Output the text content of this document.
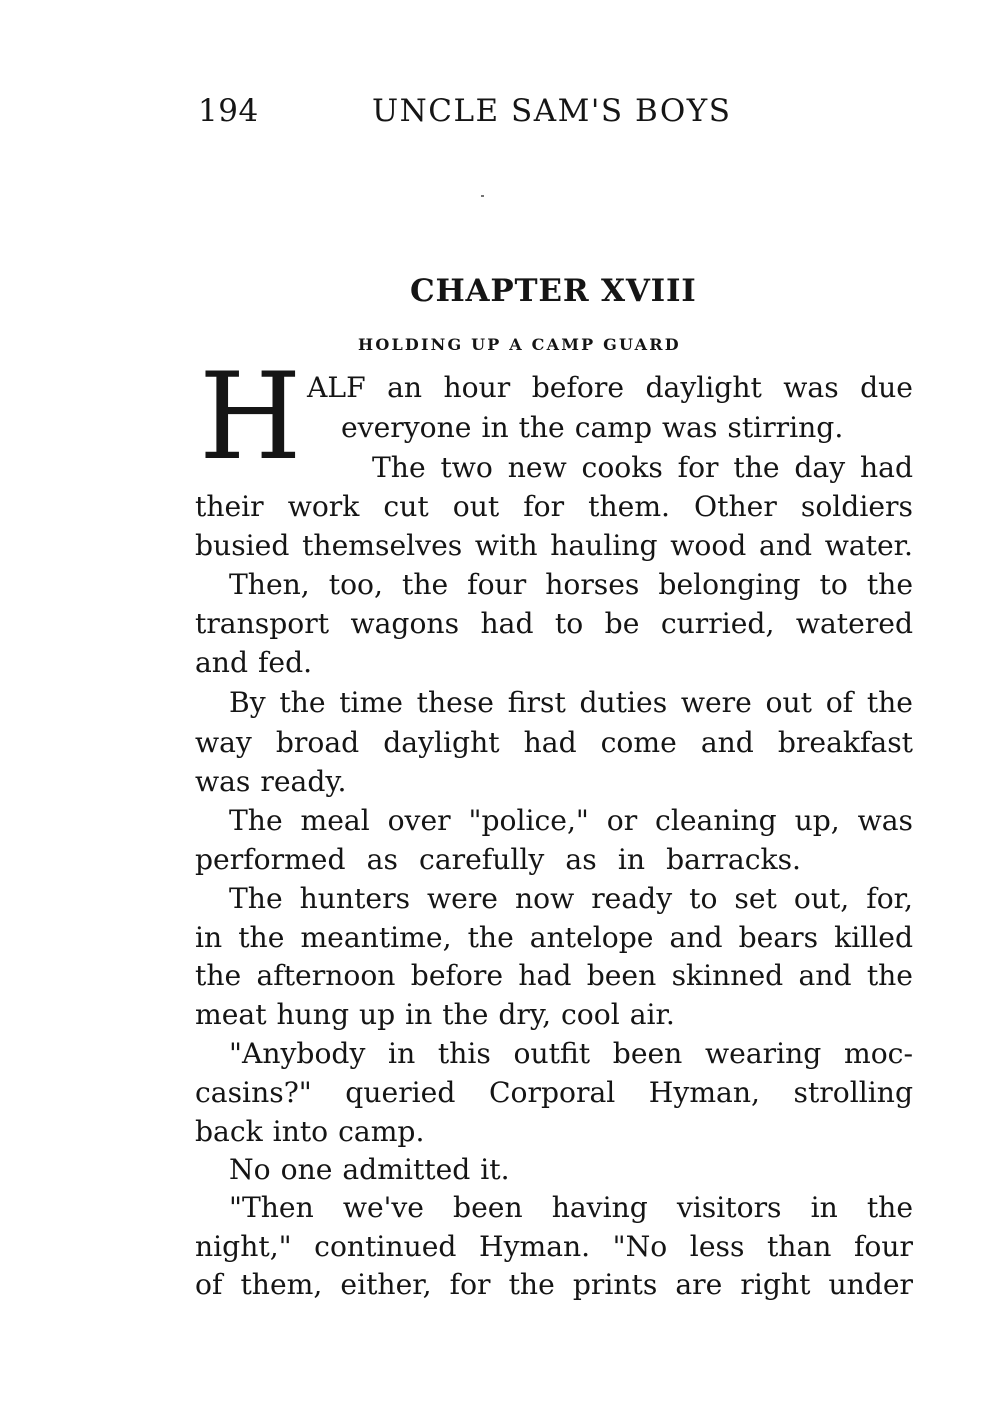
194	UNCLE SAM'S BOYS
CHAPTER XVIII
HOLDING UP A CAMP GUARD
H ALF an hour before daylight was due
everyone in the camp was stirring.
The two new cooks for the day had
their work cut out for them. Other soldiers
busied themselves with hauling wood and water.
Then, too, the four horses belonging to the
transport wagons had to be curried, watered
and fed.
By the time these first duties were out of the
way broad daylight had come and breakfast
was ready.
The meal over "police," or cleaning up, was
performed as carefully as in barracks.
The hunters were now ready to set out, for,
in the meantime, the antelope and bears killed
the afternoon before had been skinned and the
meat hung up in the dry, cool air.
"Anybody in this outfit been wearing moc-
casins?" queried Corporal Hyman, strolling
back into camp.
No one admitted it.
"Then we've been having visitors in the
night," continued Hyman. "No less than four
of them, either, for the prints are right under
